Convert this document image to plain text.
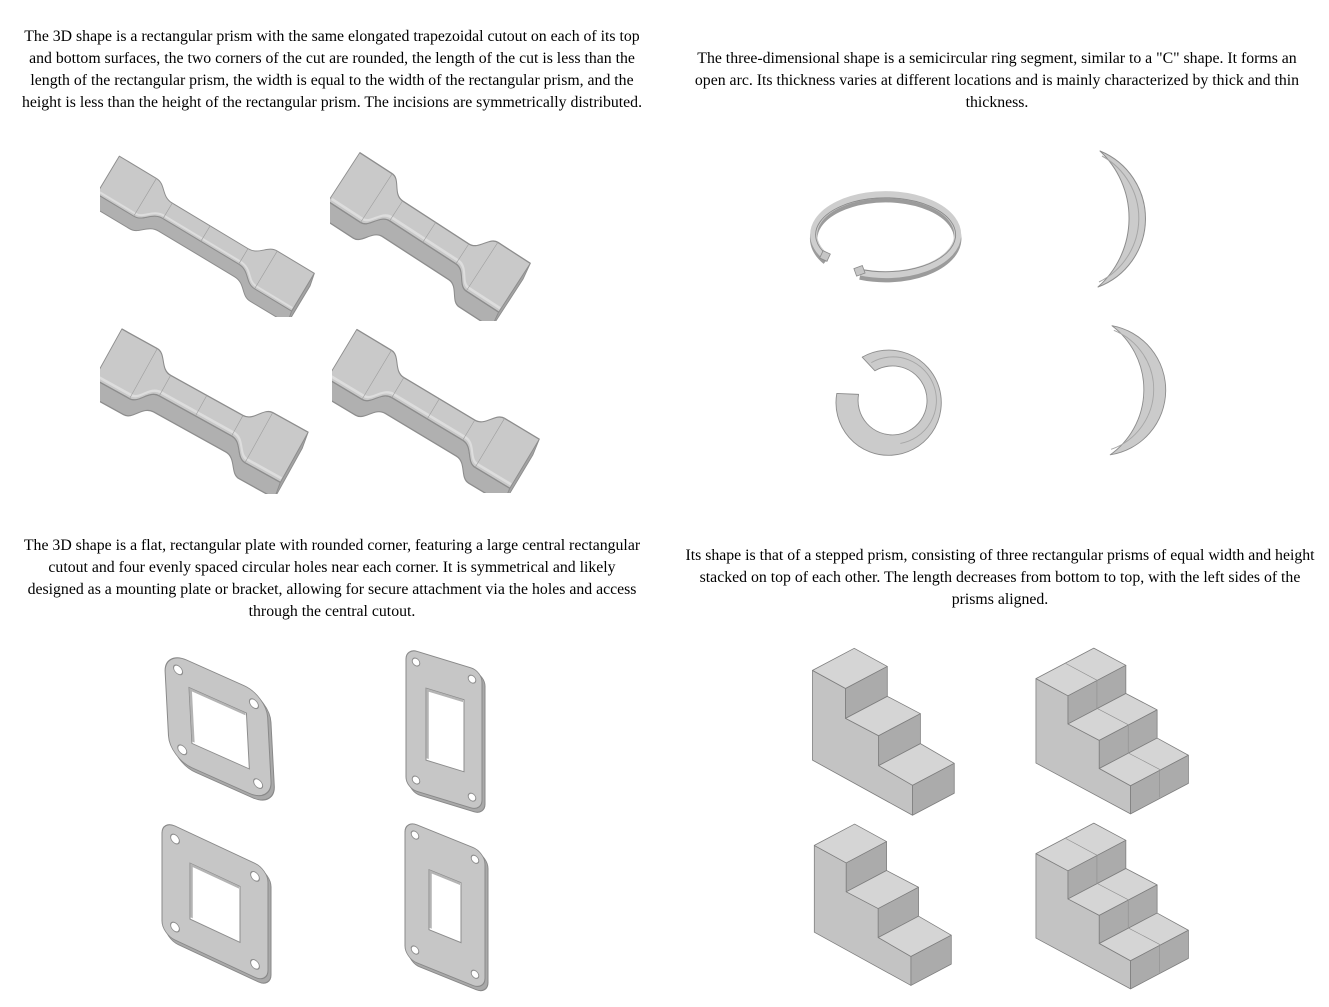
The 3D shape is a rectangular prism with the same elongated trapezoidal cutout on each of its top and bottom surfaces, the two corners of the cut are rounded, the length of the cut is less than the length of the rectangular prism, the width is equal to the width of the rectangular prism, and the height is less than the height of the rectangular prism. The incisions are symmetrically distributed.

The three-dimensional shape is a semicircular ring segment, similar to a "C" shape. It forms an open arc. Its thickness varies at different locations and is mainly characterized by thick and thin thickness.

The 3D shape is a flat, rectangular plate with rounded corner, featuring a large central rectangular cutout and four evenly spaced circular holes near each corner. It is symmetrical and likely designed as a mounting plate or bracket, allowing for secure attachment via the holes and access through the central cutout.

Its shape is that of a stepped prism, consisting of three rectangular prisms of equal width and height stacked on top of each other. The length decreases from bottom to top, with the left sides of the prisms aligned.
